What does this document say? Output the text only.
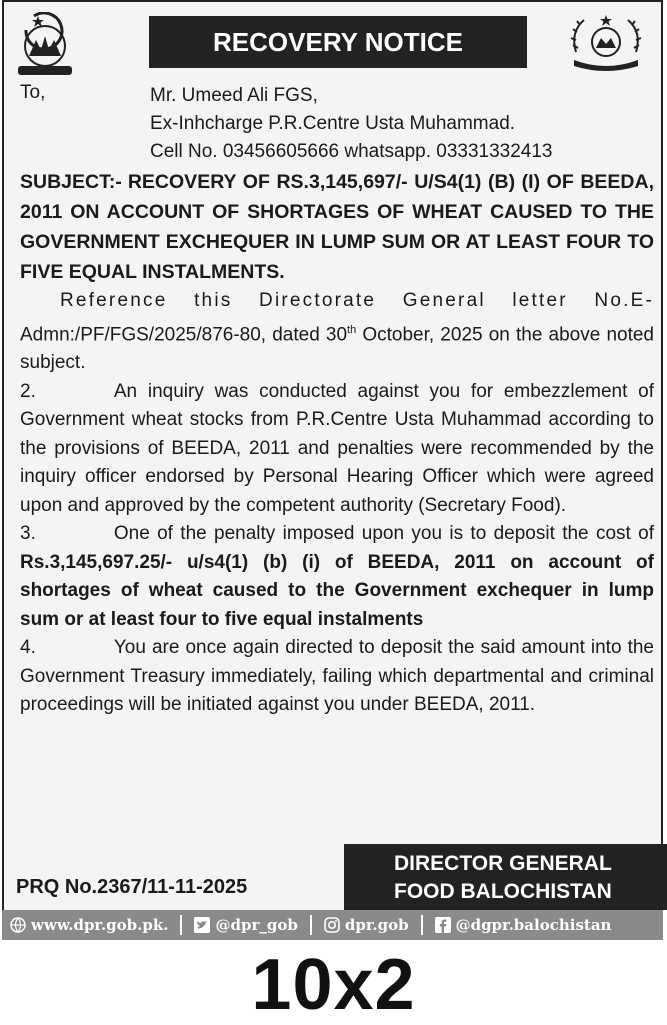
RECOVERY NOTICE
To,	Mr. Umeed Ali FGS,
Ex-Inhcharge P.R.Centre Usta Muhammad.
Cell No. 03456605666 whatsapp. 03331332413

SUBJECT:- RECOVERY OF RS.3,145,697/- U/S4(1) (B) (I) OF BEEDA, 2011 ON ACCOUNT OF SHORTAGES OF WHEAT CAUSED TO THE GOVERNMENT EXCHEQUER IN LUMP SUM OR AT LEAST FOUR TO FIVE EQUAL INSTALMENTS.

Reference this Directorate General letter No.E- Admn:/PF/FGS/2025/876-80, dated 30th October, 2025 on the above noted subject.

2.	An inquiry was conducted against you for embezzlement of Government wheat stocks from P.R.Centre Usta Muhammad according to the provisions of BEEDA, 2011 and penalties were recommended by the inquiry officer endorsed by Personal Hearing Officer which were agreed upon and approved by the competent authority (Secretary Food).

3.	One of the penalty imposed upon you is to deposit the cost of Rs.3,145,697.25/- u/s4(1) (b) (i) of BEEDA, 2011 on account of shortages of wheat caused to the Government exchequer in lump sum or at least four to five equal instalments

4.	You are once again directed to deposit the said amount into the Government Treasury immediately, failing which departmental and criminal proceedings will be initiated against you under BEEDA, 2011.

PRQ No.2367/11-11-2025
DIRECTOR GENERAL
FOOD BALOCHISTAN
www.dpr.gob.pk.	@dpr_gob	dpr.gob	@dgpr.balochistan
10x2
